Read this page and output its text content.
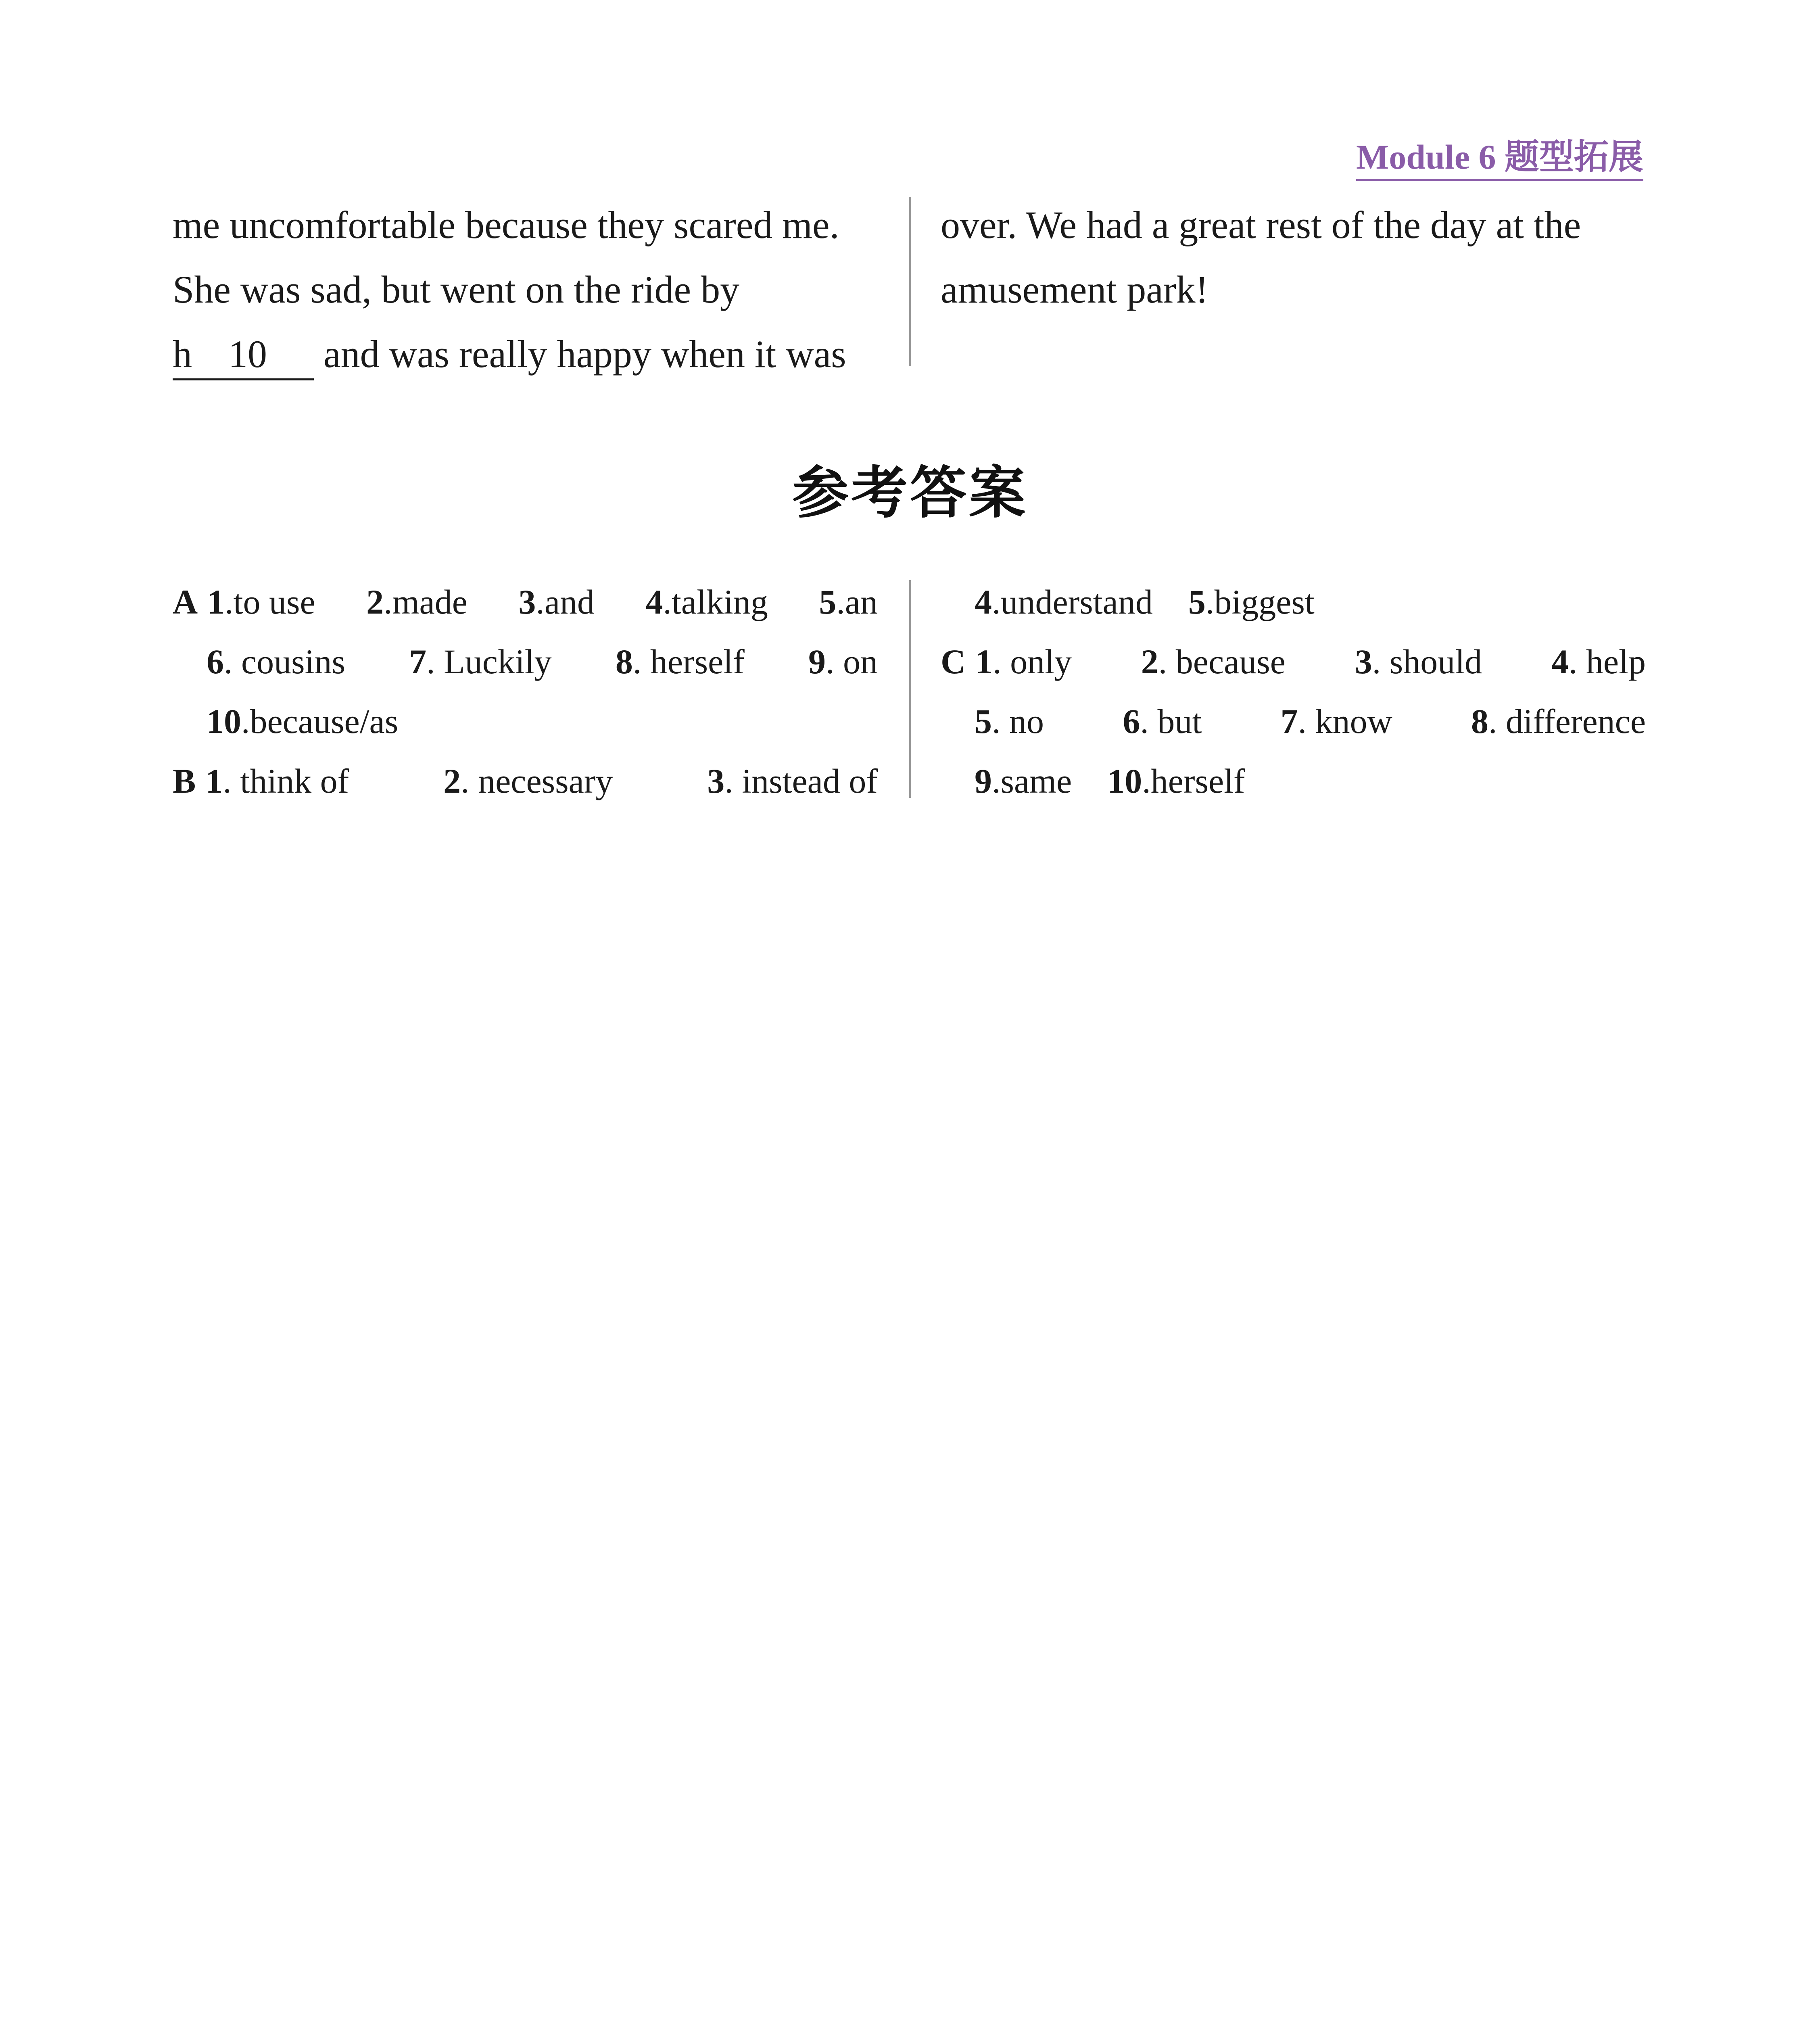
Module 6 题型拓展
me uncomfortable because they scared me.
She was sad, but went on the ride by
h 10 and was really happy when it was
over. We had a great rest of the day at the
amusement park!
参考答案
A 1.to use 2.made 3.and 4.talking 5.an
6. cousins 7. Luckily 8. herself 9. on
10.because/as
B 1. think of	2. necessary	3. instead of
4.understand 5.biggest
C 1. only 2. because 3. should 4. help
5. no 6. but 7. know 8. difference
9.same 10.herself
